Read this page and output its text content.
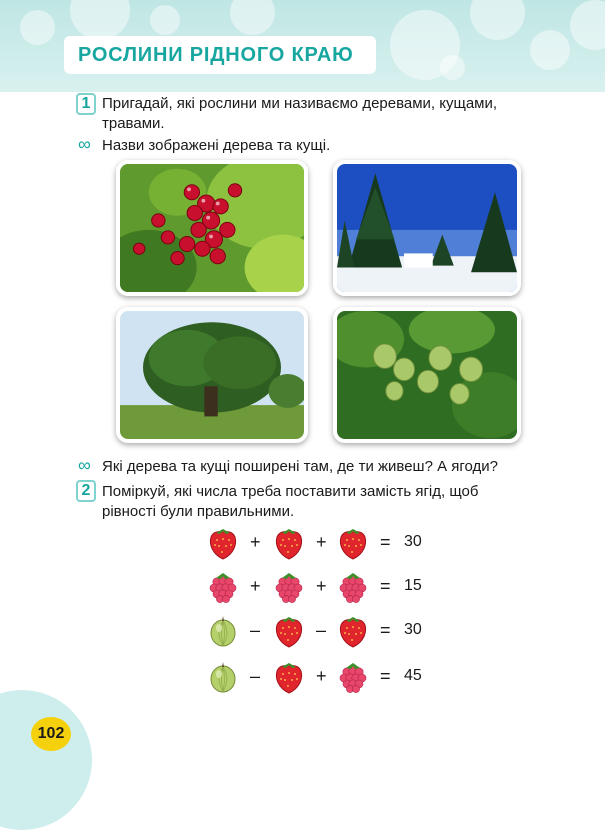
РОСЛИНИ РІДНОГО КРАЮ
1 Пригадай, які рослини ми називаємо деревами, кущами,
травами.
∞ Назви зображені дерева та кущі.
∞ Які дерева та кущі поширені там, де ти живеш? А ягоди?
2 Поміркуй, які числа треба поставити замість ягід, щоб
рівності були правильними.
+	+	= 30
+	+	= 15
–	–	= 30
–	+	= 45
102
